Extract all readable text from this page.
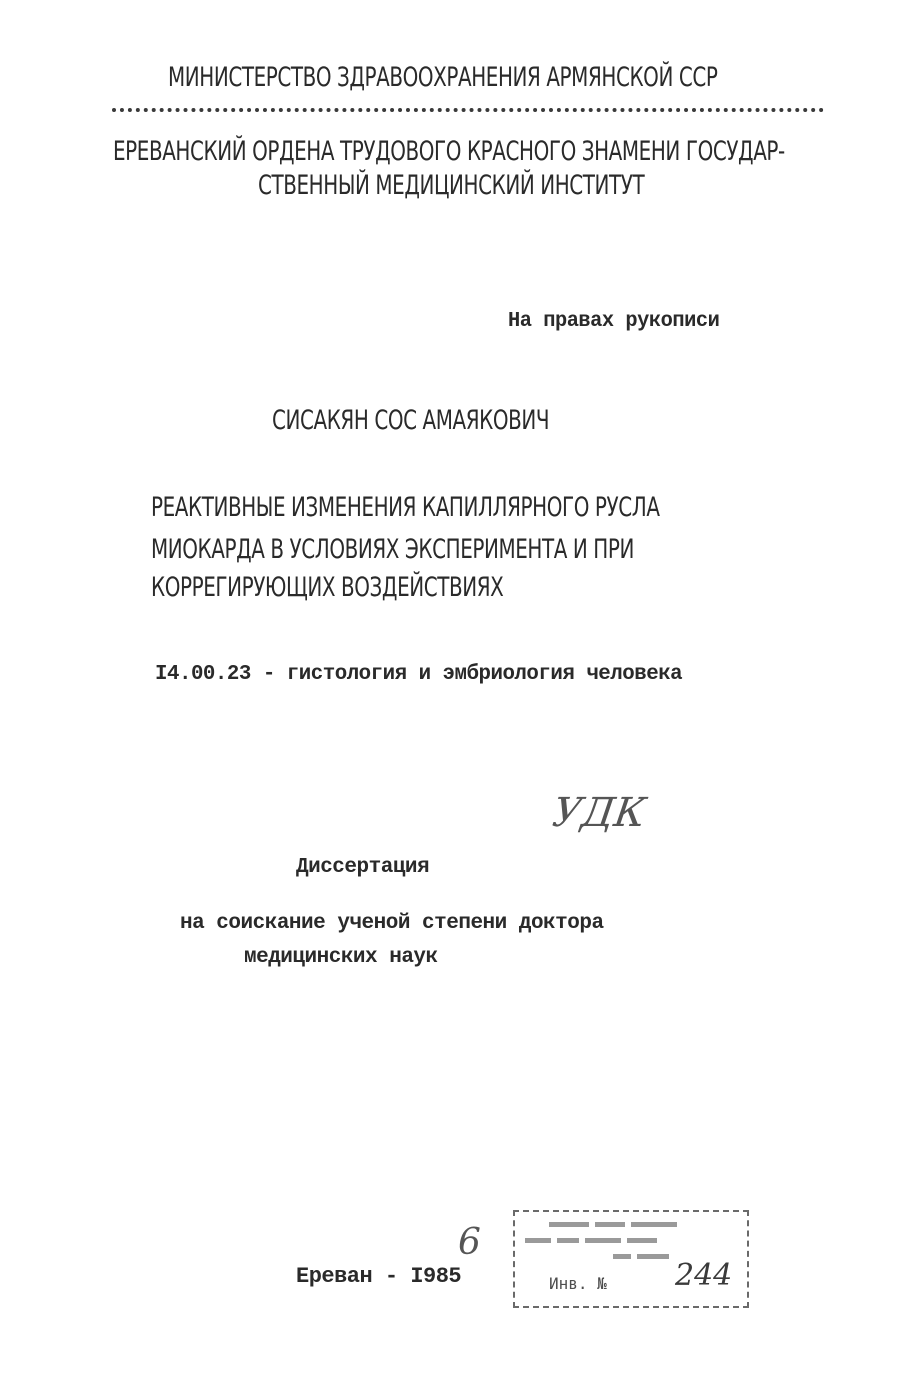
МИНИСТЕРСТВО ЗДРАВООХРАНЕНИЯ АРМЯНСКОЙ ССР
ЕРЕВАНСКИЙ ОРДЕНА ТРУДОВОГО КРАСНОГО ЗНАМЕНИ ГОСУДАР-
СТВЕННЫЙ МЕДИЦИНСКИЙ ИНСТИТУТ
На правах рукописи
СИСАКЯН СОС АМАЯКОВИЧ
РЕАКТИВНЫЕ ИЗМЕНЕНИЯ КАПИЛЛЯРНОГО РУСЛА
МИОКАРДА В УСЛОВИЯХ ЭКСПЕРИМЕНТА И ПРИ
КОРРЕГИРУЮЩИХ ВОЗДЕЙСТВИЯХ
I4.00.23 - гистология и эмбриология человека
УДК
Диссертация
на соискание ученой степени доктора
медицинских наук
6
Ереван - I985	Инв. № 244
